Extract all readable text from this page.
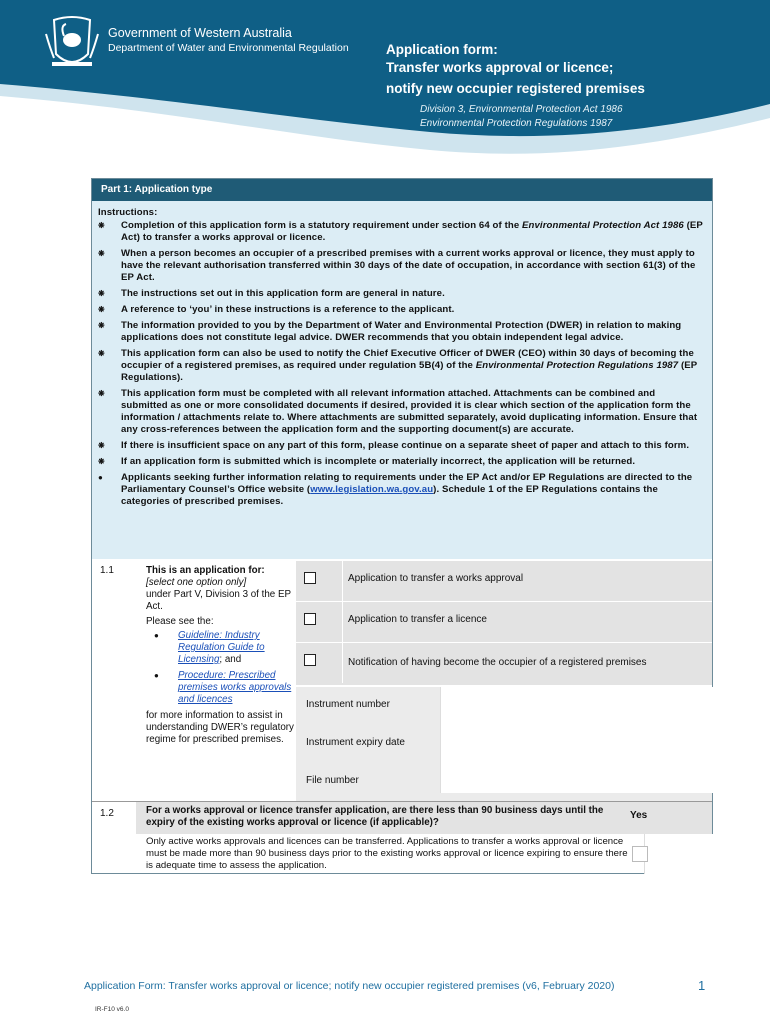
Government of Western Australia
Department of Water and Environmental Regulation	Application form:
Transfer works approval or licence;
notify new occupier registered premises
Division 3, Environmental Protection Act 1986
Environmental Protection Regulations 1987
Part 1: Application type
Instructions:
❋ Completion of this application form is a statutory requirement under section 64 of the Environmental Protection Act 1986 (EP Act) to transfer a works approval or licence.
❋ When a person becomes an occupier of a prescribed premises with a current works approval or licence, they must apply to have the relevant authorisation transferred within 30 days of the date of occupation, in accordance with section 61(3) of the EP Act.
❋ The instructions set out in this application form are general in nature.
❋ A reference to ‘you’ in these instructions is a reference to the applicant.
❋ The information provided to you by the Department of Water and Environmental Protection (DWER) in relation to making applications does not constitute legal advice. DWER recommends that you obtain independent legal advice.
❋ This application form can also be used to notify the Chief Executive Officer of DWER (CEO) within 30 days of becoming the occupier of a registered premises, as required under regulation 5B(4) of the Environmental Protection Regulations 1987 (EP Regulations).
❋ This application form must be completed with all relevant information attached. Attachments can be combined and submitted as one or more consolidated documents if desired, provided it is clear which section of the application form the information / attachments relate to. Where attachments are submitted separately, avoid duplicating information. Ensure that any cross-references between the application form and the supporting document(s) are accurate.
❋ If there is insufficient space on any part of this form, please continue on a separate sheet of paper and attach to this form.
❋ If an application form is submitted which is incomplete or materially incorrect, the application will be returned.
● Applicants seeking further information relating to requirements under the EP Act and/or EP Regulations are directed to the Parliamentary Counsel’s Office website (www.legislation.wa.gov.au). Schedule 1 of the EP Regulations contains the categories of prescribed premises.
1.1	This is an application for:
[select one option only]
under Part V, Division 3 of the EP Act.
Please see the:
● Guideline: Industry Regulation Guide to Licensing; and
● Procedure: Prescribed premises works approvals and licences
for more information to assist in understanding DWER’s regulatory regime for prescribed premises.
Application to transfer a works approval
Application to transfer a licence
Notification of having become the occupier of a registered premises
Instrument number
Instrument expiry date
File number
1.2	For a works approval or licence transfer application, are there less than 90 business days until the expiry of the existing works approval or licence (if applicable)?
Yes
Only active works approvals and licences can be transferred. Applications to transfer a works approval or licence must be made more than 90 business days prior to the existing works approval or licence expiring to ensure there is adequate time to assess the application.
Application Form: Transfer works approval or licence; notify new occupier registered premises (v6, February 2020)	1
IR-F10 v6.0
